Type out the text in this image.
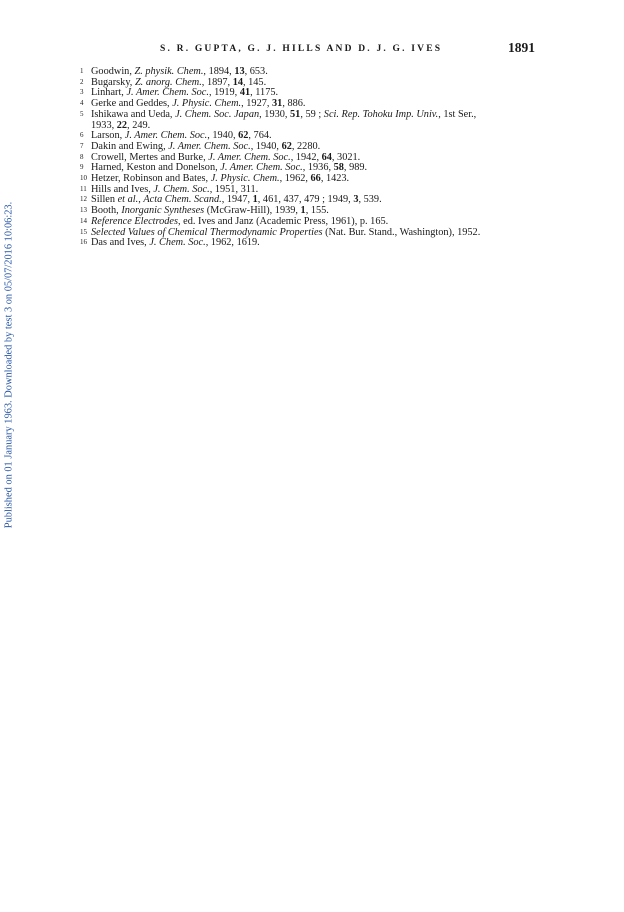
Published on 01 January 1963. Downloaded by test 3 on 05/07/2016 10:06:23.
S. R. GUPTA, G. J. HILLS AND D. J. G. IVES	1891
1 Goodwin, Z. physik. Chem., 1894, 13, 653.
2 Bugarsky, Z. anorg. Chem., 1897, 14, 145.
3 Linhart, J. Amer. Chem. Soc., 1919, 41, 1175.
4 Gerke and Geddes, J. Physic. Chem., 1927, 31, 886.
5 Ishikawa and Ueda, J. Chem. Soc. Japan, 1930, 51, 59 ; Sci. Rep. Tohoku Imp. Univ., 1st Ser.,
1933, 22, 249.
6 Larson, J. Amer. Chem. Soc., 1940, 62, 764.
7 Dakin and Ewing, J. Amer. Chem. Soc., 1940, 62, 2280.
8 Crowell, Mertes and Burke, J. Amer. Chem. Soc., 1942, 64, 3021.
9 Harned, Keston and Donelson, J. Amer. Chem. Soc., 1936, 58, 989.
10 Hetzer, Robinson and Bates, J. Physic. Chem., 1962, 66, 1423.
11 Hills and Ives, J. Chem. Soc., 1951, 311.
12 Sillen et al., Acta Chem. Scand., 1947, 1, 461, 437, 479 ; 1949, 3, 539.
13 Booth, Inorganic Syntheses (McGraw-Hill), 1939, 1, 155.
14 Reference Electrodes, ed. Ives and Janz (Academic Press, 1961), p. 165.
15 Selected Values of Chemical Thermodynamic Properties (Nat. Bur. Stand., Washington), 1952.
16 Das and Ives, J. Chem. Soc., 1962, 1619.
